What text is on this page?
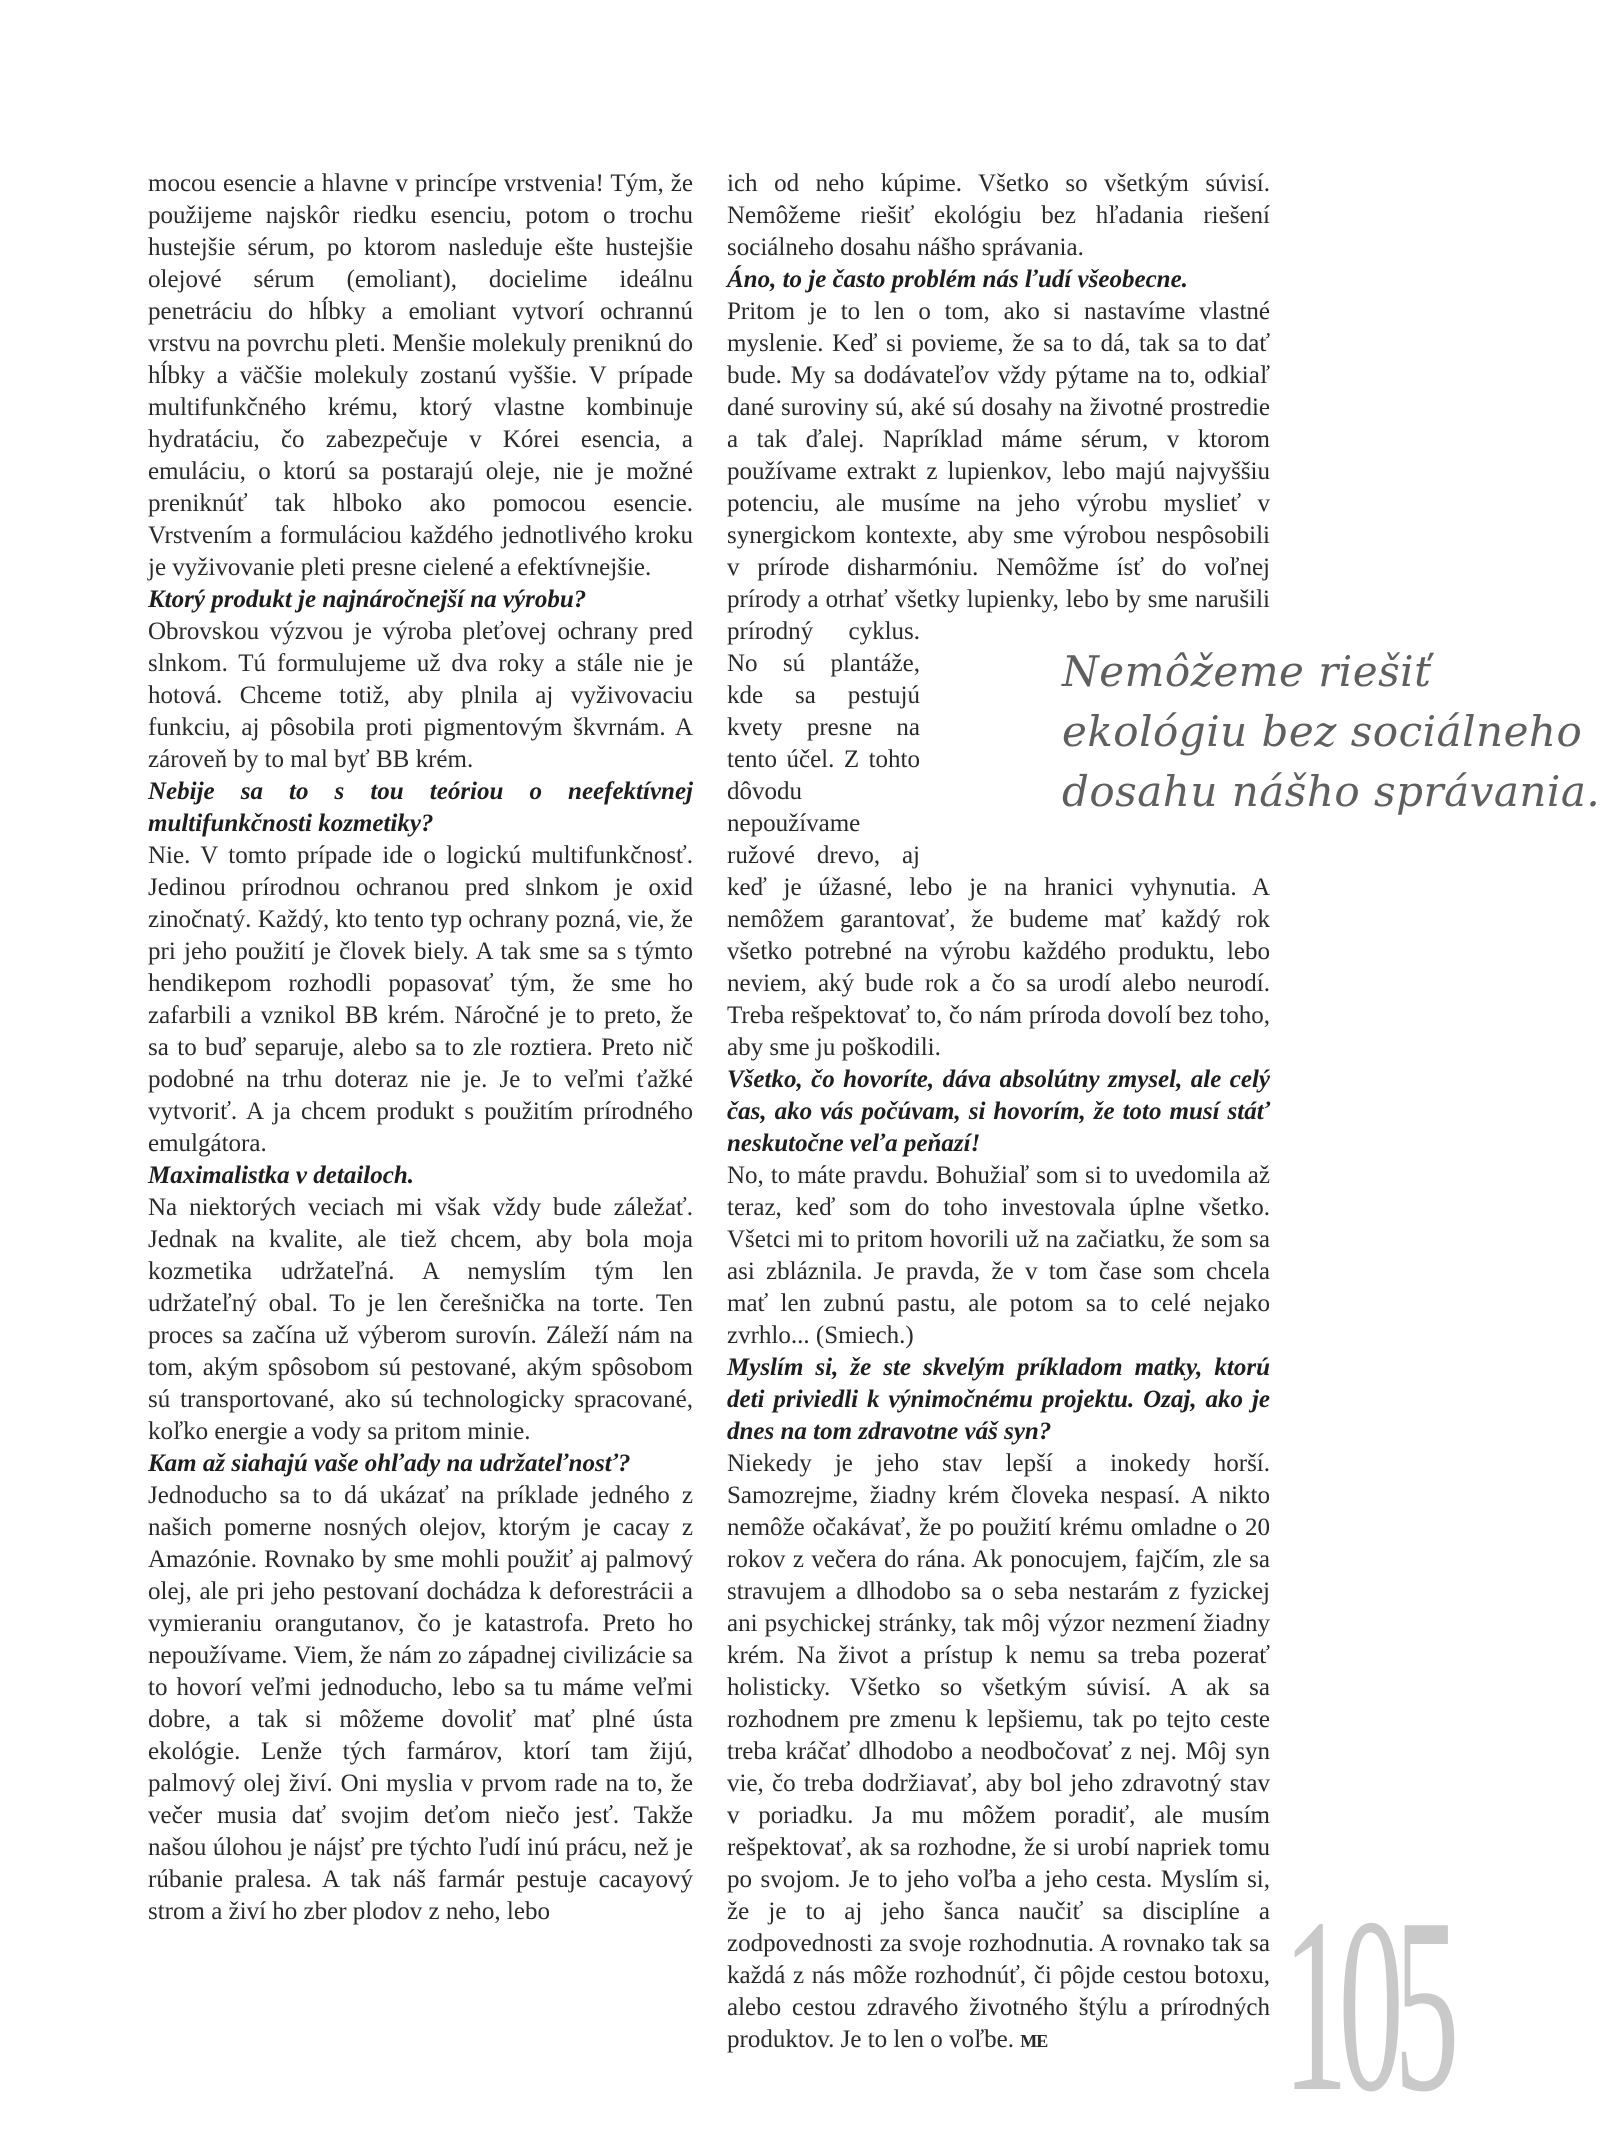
mocou esencie a hlavne v princípe vrstvenia! Tým, že použijeme najskôr riedku esenciu, potom o trochu hustejšie sérum, po ktorom nasleduje ešte hustejšie olejové sérum (emoliant), docielime ideálnu penetráciu do hĺbky a emoliant vytvorí ochrannú vrstvu na povrchu pleti. Menšie molekuly preniknú do hĺbky a väčšie molekuly zostanú vyššie. V prípade multifunkčného krému, ktorý vlastne kombinuje hydratáciu, čo zabezpečuje v Kórei esencia, a emuláciu, o ktorú sa postarajú oleje, nie je možné preniknúť tak hlboko ako pomocou esencie. Vrstvením a formuláciou každého jednotlivého kroku je vyživovanie pleti presne cielené a efektívnejšie.

Ktorý produkt je najnáročnejší na výrobu?

Obrovskou výzvou je výroba pleťovej ochrany pred slnkom. Tú formulujeme už dva roky a stále nie je hotová. Chceme totiž, aby plnila aj vyživovaciu funkciu, aj pôsobila proti pigmentovým škvrnám. A zároveň by to mal byť BB krém.

Nebije sa to s tou teóriou o neefektívnej multifunkčnosti kozmetiky?

Nie. V tomto prípade ide o logickú multifunkčnosť. Jedinou prírodnou ochranou pred slnkom je oxid zinočnatý. Každý, kto tento typ ochrany pozná, vie, že pri jeho použití je človek biely. A tak sme sa s týmto hendikepom rozhodli popasovať tým, že sme ho zafarbili a vznikol BB krém. Náročné je to preto, že sa to buď separuje, alebo sa to zle roztiera. Preto nič podobné na trhu doteraz nie je. Je to veľmi ťažké vytvoriť. A ja chcem produkt s použitím prírodného emulgátora.

Maximalistka v detailoch.

Na niektorých veciach mi však vždy bude záležať. Jednak na kvalite, ale tiež chcem, aby bola moja kozmetika udržateľná. A nemyslím tým len udržateľný obal. To je len čerešnička na torte. Ten proces sa začína už výberom surovín. Záleží nám na tom, akým spôsobom sú pestované, akým spôsobom sú transportované, ako sú technologicky spracované, koľko energie a vody sa pritom minie.

Kam až siahajú vaše ohľady na udržateľnosť?

Jednoducho sa to dá ukázať na príklade jedného z našich pomerne nosných olejov, ktorým je cacay z Amazónie. Rovnako by sme mohli použiť aj palmový olej, ale pri jeho pestovaní dochádza k deforestrácii a vymieraniu orangutanov, čo je katastrofa. Preto ho nepoužívame. Viem, že nám zo západnej civilizácie sa to hovorí veľmi jednoducho, lebo sa tu máme veľmi dobre, a tak si môžeme dovoliť mať plné ústa ekológie. Lenže tých farmárov, ktorí tam žijú, palmový olej živí. Oni myslia v prvom rade na to, že večer musia dať svojim deťom niečo jesť. Takže našou úlohou je nájsť pre týchto ľudí inú prácu, než je rúbanie pralesa. A tak náš farmár pestuje cacayový strom a živí ho zber plodov z neho, lebo

ich od neho kúpime. Všetko so všetkým súvisí. Nemôžeme riešiť ekológiu bez hľadania riešení sociálneho dosahu nášho správania.

Áno, to je často problém nás ľudí všeobecne.

Pritom je to len o tom, ako si nastavíme vlastné myslenie. Keď si povieme, že sa to dá, tak sa to dať bude. My sa dodávateľov vždy pýtame na to, odkiaľ dané suroviny sú, aké sú dosahy na životné prostredie a tak ďalej. Napríklad máme sérum, v ktorom používame extrakt z lupienkov, lebo majú najvyššiu potenciu, ale musíme na jeho výrobu myslieť v synergickom kontexte, aby sme výrobou nespôsobili v prírode disharmóniu. Nemôžme ísť do voľnej prírody a otrhať všetky lupienky, lebo by sme narušili
prírodný cyklus. No sú plantáže, kde sa pestujú kvety presne na tento účel. Z tohto dôvodu nepoužívame ružové drevo, aj keď je úžasné, lebo je na hranici vyhynutia. A nemôžem garantovať, že budeme mať každý rok všetko potrebné na výrobu každého produktu, lebo neviem, aký bude rok a čo sa urodí alebo neurodí. Treba rešpektovať to, čo nám príroda dovolí bez toho, aby sme ju poškodili.

Všetko, čo hovoríte, dáva absolútny zmysel, ale celý čas, ako vás počúvam, si hovorím, že toto musí stáť neskutočne veľa peňazí!

No, to máte pravdu. Bohužiaľ som si to uvedomila až teraz, keď som do toho investovala úplne všetko. Všetci mi to pritom hovorili už na začiatku, že som sa asi zbláznila. Je pravda, že v tom čase som chcela mať len zubnú pastu, ale potom sa to celé nejako zvrhlo... (Smiech.)

Myslím si, že ste skvelým príkladom matky, ktorú deti priviedli k výnimočnému projektu. Ozaj, ako je dnes na tom zdravotne váš syn?

Niekedy je jeho stav lepší a inokedy horší. Samozrejme, žiadny krém človeka nespasí. A nikto nemôže očakávať, že po použití krému omladne o 20 rokov z večera do rána. Ak ponocujem, fajčím, zle sa stravujem a dlhodobo sa o seba nestarám z fyzickej ani psychickej stránky, tak môj výzor nezmení žiadny krém. Na život a prístup k nemu sa treba pozerať holisticky. Všetko so všetkým súvisí. A ak sa rozhodnem pre zmenu k lepšiemu, tak po tejto ceste treba kráčať dlhodobo a neodbočovať z nej. Môj syn vie, čo treba dodržiavať, aby bol jeho zdravotný stav v poriadku. Ja mu môžem poradiť, ale musím rešpektovať, ak sa rozhodne, že si urobí napriek tomu po svojom. Je to jeho voľba a jeho cesta. Myslím si, že je to aj jeho šanca naučiť sa disciplíne a zodpovednosti za svoje rozhodnutia. A rovnako tak sa každá z nás môže rozhodnúť, či pôjde cestou botoxu, alebo cestou zdravého životného štýlu a prírodných produktov. Je to len o voľbe. ME

Nemôžeme riešiť
ekológiu bez sociálneho
dosahu nášho správania.
105
